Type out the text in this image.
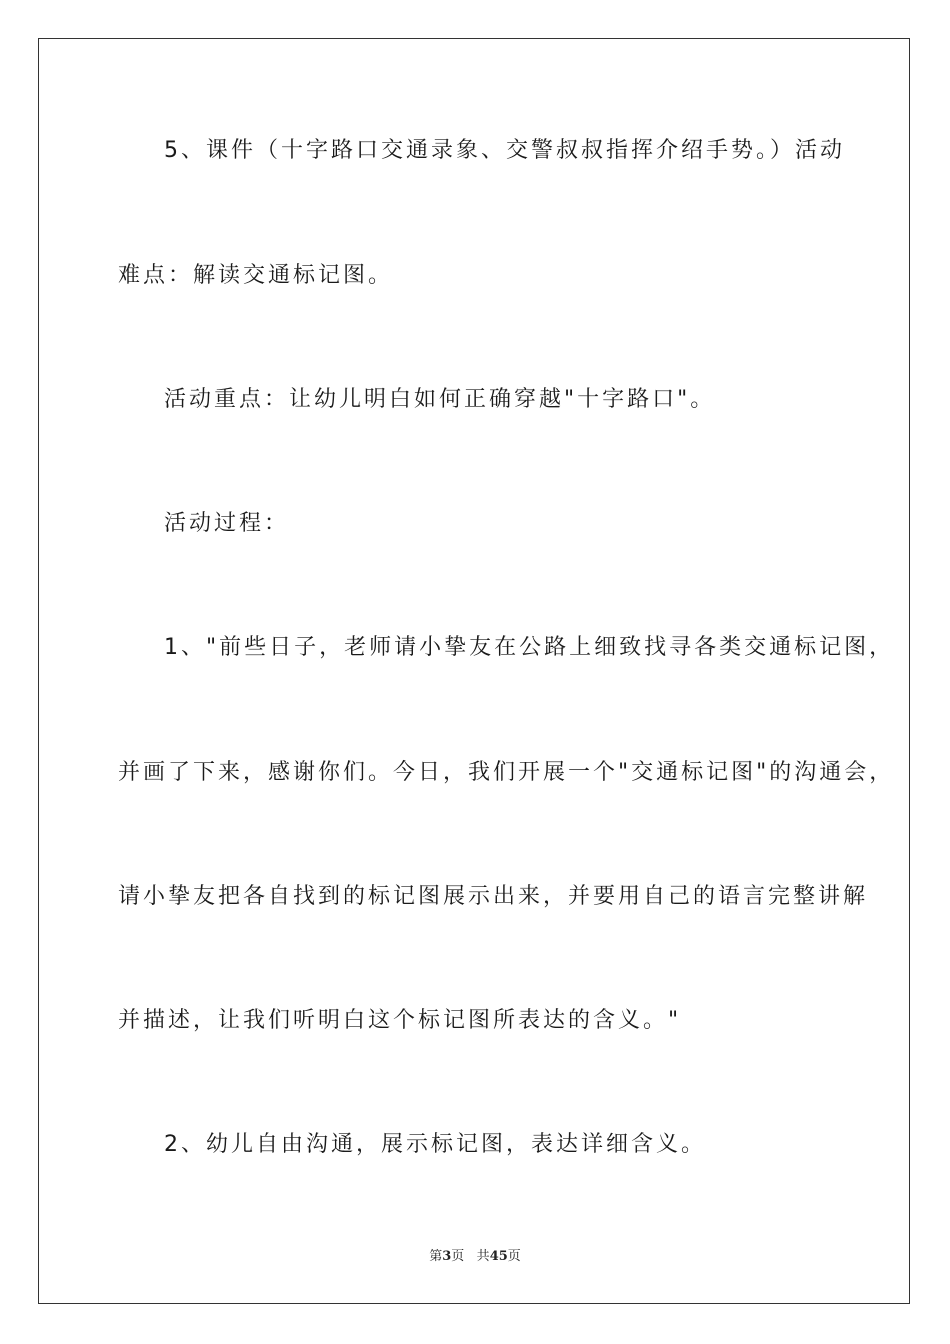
5、课件（十字路口交通录象、交警叔叔指挥介绍手势。）活动
难点：解读交通标记图。
活动重点：让幼儿明白如何正确穿越"十字路口"。
活动过程：
1、"前些日子，老师请小挚友在公路上细致找寻各类交通标记图，
并画了下来，感谢你们。今日，我们开展一个"交通标记图"的沟通会，
请小挚友把各自找到的标记图展示出来，并要用自己的语言完整讲解
并描述，让我们听明白这个标记图所表达的含义。"
2、幼儿自由沟通，展示标记图，表达详细含义。
第3页 共45页
